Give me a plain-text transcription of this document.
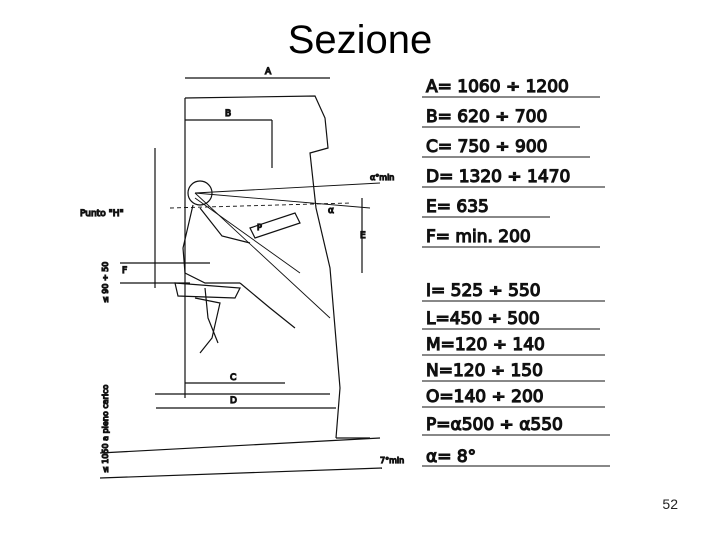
Sezione
A
B
C
D
E
F
P
α
Punto "H"
α°min
7°min
≤ 90 ÷ 50
≤ 1050 a pieno carico
A= 1060 ÷ 1200
B= 620 ÷ 700
C= 750 ÷ 900
D= 1320 ÷ 1470
E= 635
F= min. 200
I= 525 ÷ 550
L=450 ÷ 500
M=120 ÷ 140
N=120 ÷ 150
O=140 ÷ 200
P=α500 ÷ α550
α= 8°
52
